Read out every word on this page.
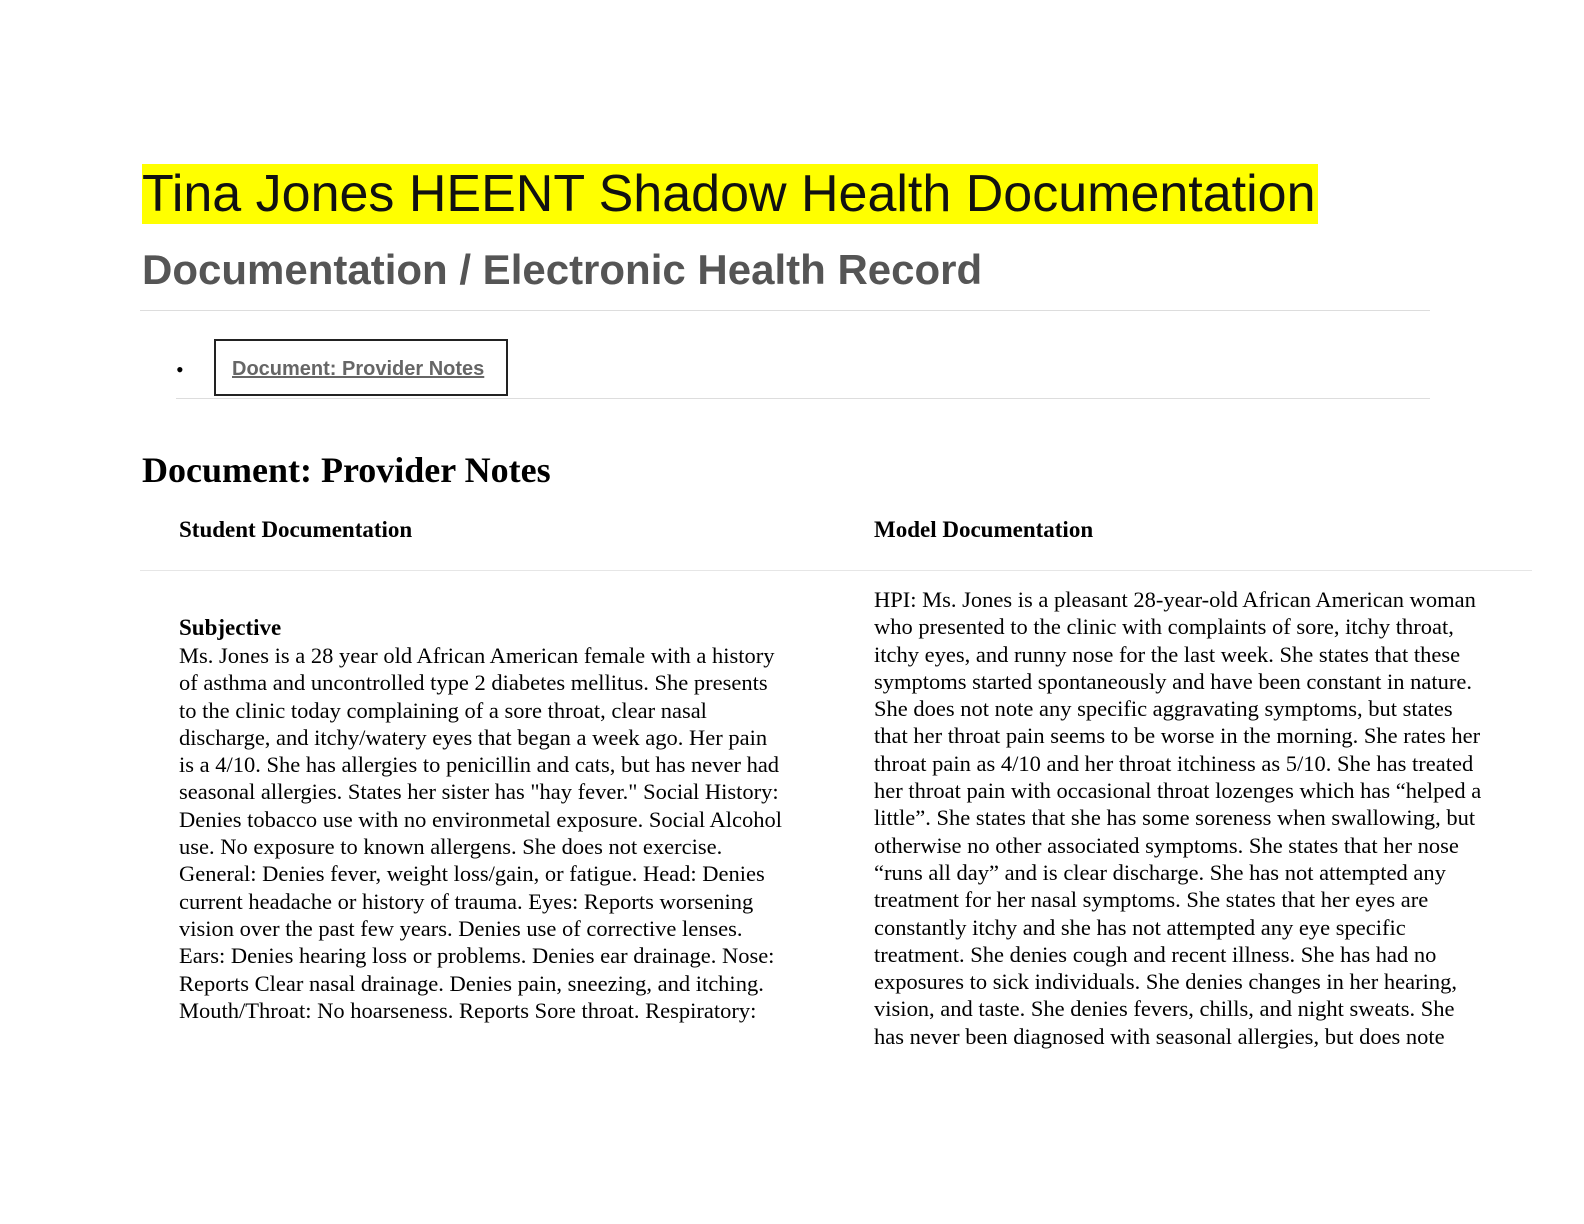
Tina Jones HEENT Shadow Health Documentation
Documentation / Electronic Health Record
• Document: Provider Notes
Document: Provider Notes
Student Documentation	Model Documentation
Subjective
Ms. Jones is a 28 year old African American female with a history
of asthma and uncontrolled type 2 diabetes mellitus. She presents
to the clinic today complaining of a sore throat, clear nasal
discharge, and itchy/watery eyes that began a week ago. Her pain
is a 4/10. She has allergies to penicillin and cats, but has never had
seasonal allergies. States her sister has "hay fever." Social History:
Denies tobacco use with no environmetal exposure. Social Alcohol
use. No exposure to known allergens. She does not exercise.
General: Denies fever, weight loss/gain, or fatigue. Head: Denies
current headache or history of trauma. Eyes: Reports worsening
vision over the past few years. Denies use of corrective lenses.
Ears: Denies hearing loss or problems. Denies ear drainage. Nose:
Reports Clear nasal drainage. Denies pain, sneezing, and itching.
Mouth/Throat: No hoarseness. Reports Sore throat. Respiratory:
HPI: Ms. Jones is a pleasant 28-year-old African American woman
who presented to the clinic with complaints of sore, itchy throat,
itchy eyes, and runny nose for the last week. She states that these
symptoms started spontaneously and have been constant in nature.
She does not note any specific aggravating symptoms, but states
that her throat pain seems to be worse in the morning. She rates her
throat pain as 4/10 and her throat itchiness as 5/10. She has treated
her throat pain with occasional throat lozenges which has “helped a
little”. She states that she has some soreness when swallowing, but
otherwise no other associated symptoms. She states that her nose
“runs all day” and is clear discharge. She has not attempted any
treatment for her nasal symptoms. She states that her eyes are
constantly itchy and she has not attempted any eye specific
treatment. She denies cough and recent illness. She has had no
exposures to sick individuals. She denies changes in her hearing,
vision, and taste. She denies fevers, chills, and night sweats. She
has never been diagnosed with seasonal allergies, but does note
